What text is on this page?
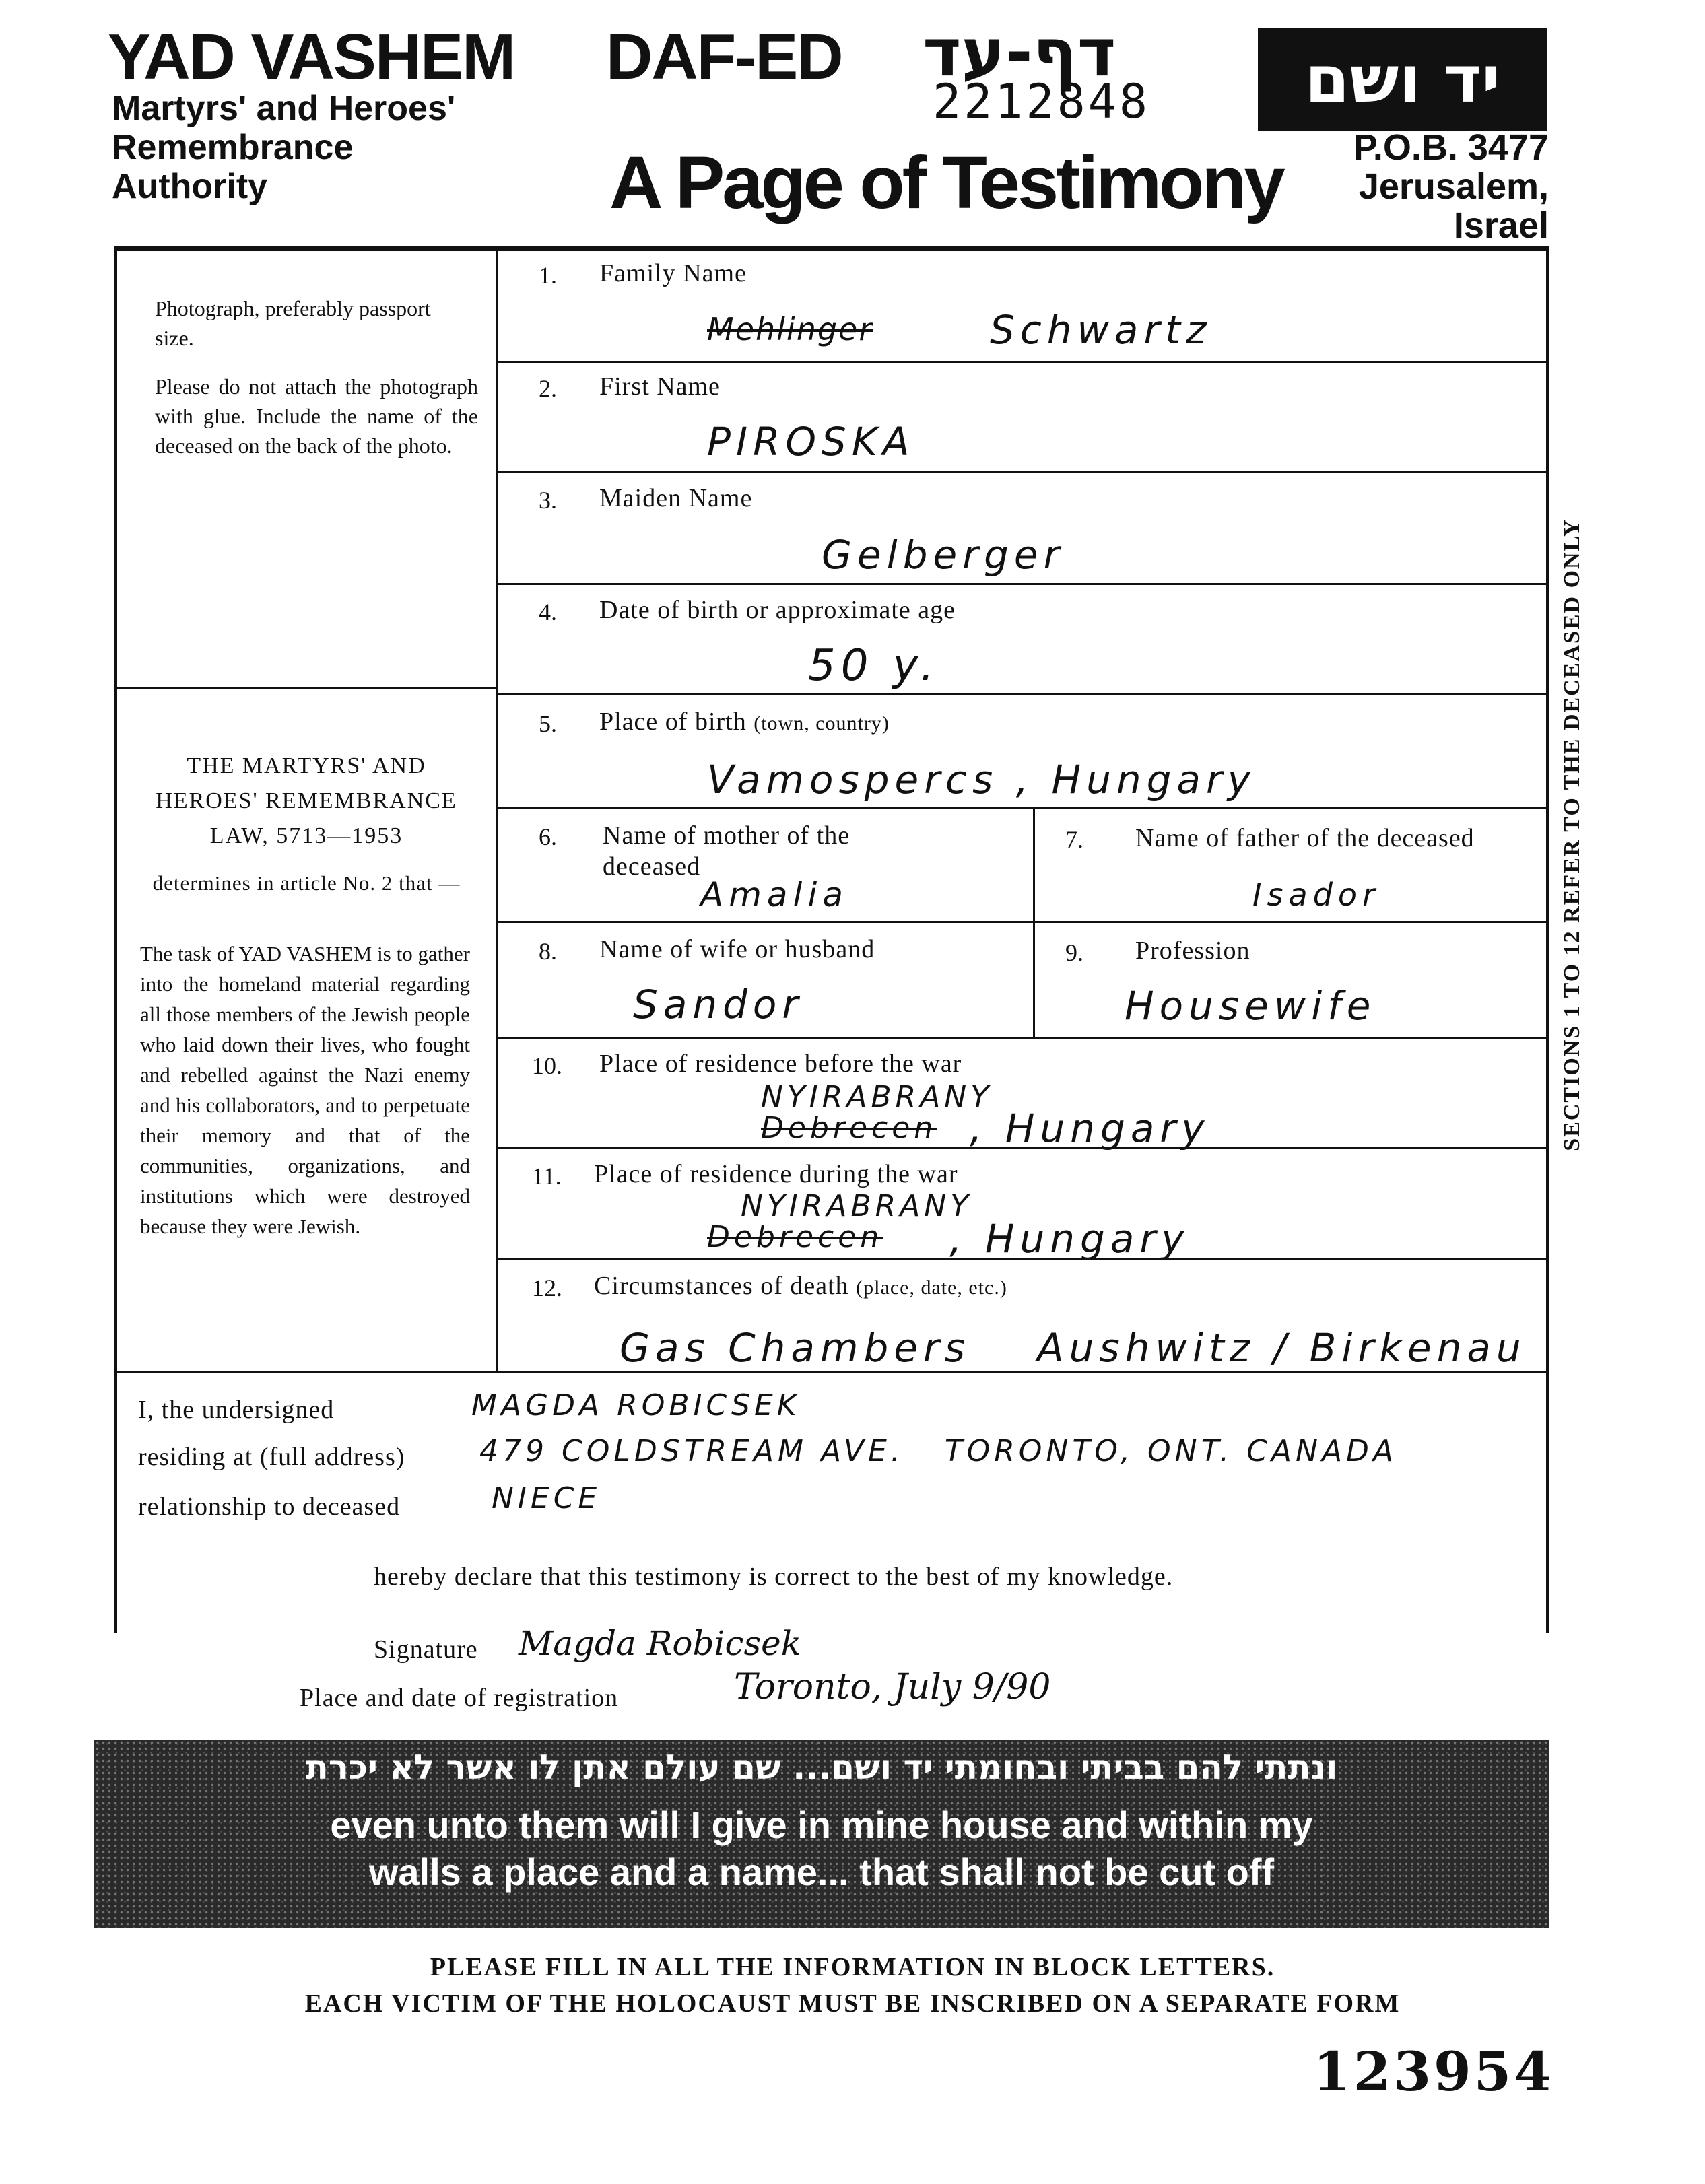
YAD VASHEM
Martyrs' and Heroes'
Remembrance
Authority
DAF-ED דף-עד
2212848
A Page of Testimony
יד ושם
P.O.B. 3477
Jerusalem, Israel
Photograph, preferably passport size.
Please do not attach the photograph with glue. Include the name of the deceased on the back of the photo.
THE MARTYRS' AND HEROES' REMEMBRANCE LAW, 5713—1953
determines in article No. 2 that —
The task of YAD VASHEM is to gather into the homeland material regarding all those members of the Jewish people who laid down their lives, who fought and rebelled against the Nazi enemy and his collaborators, and to perpetuate their memory and that of the communities, organizations, and institutions which were destroyed because they were Jewish.
1. Family Name
Mehlinger	Schwartz
2. First Name
PIROSKA
3. Maiden Name
Gelberger
4. Date of birth or approximate age
50 y.
5. Place of birth (town, country)
Vamospercs , Hungary
6. Name of mother of the deceased
Amalia
7. Name of father of the deceased
Isador
8. Name of wife or husband
Sandor
9. Profession
Housewife
10. Place of residence before the war
NYIRABRANY
Debrecen , Hungary
11. Place of residence during the war
NYIRABRANY
Debrecen , Hungary
12. Circumstances of death (place, date, etc.)
Gas Chambers Aushwitz / Birkenau
SECTIONS 1 TO 12 REFER TO THE DECEASED ONLY
I, the undersigned	MAGDA ROBICSEK
residing at (full address)	479 COLDSTREAM AVE.   TORONTO, ONT. CANADA
relationship to deceased	NIECE
hereby declare that this testimony is correct to the best of my knowledge.
Signature Magda Robicsek
Place and date of registration	Toronto, July 9/90
ונתתי להם בביתי ובחומתי יד ושם... שם עולם אתן לו אשר לא יכרת
even unto them will I give in mine house and within my
walls a place and a name... that shall not be cut off
PLEASE FILL IN ALL THE INFORMATION IN BLOCK LETTERS.
EACH VICTIM OF THE HOLOCAUST MUST BE INSCRIBED ON A SEPARATE FORM
123954
